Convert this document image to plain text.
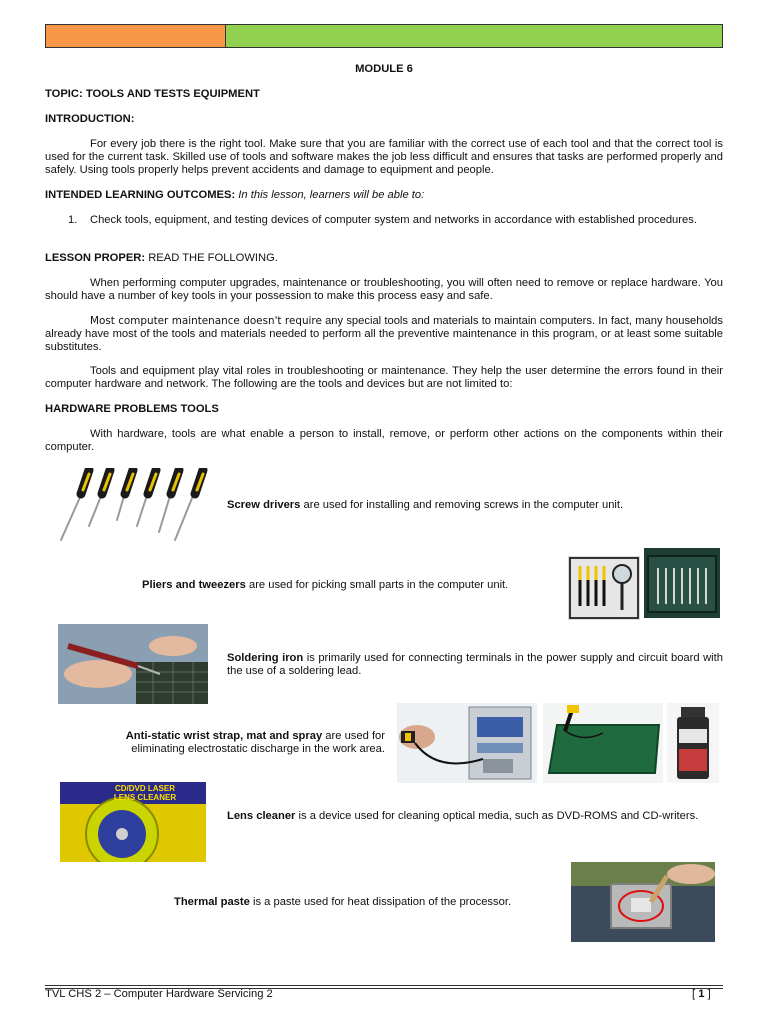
MODULE 6
TOPIC: TOOLS AND TESTS EQUIPMENT
INTRODUCTION:
For every job there is the right tool. Make sure that you are familiar with the correct use of each tool and that the correct tool is used for the current task. Skilled use of tools and software makes the job less difficult and ensures that tasks are performed properly and safely. Using tools properly helps prevent accidents and damage to equipment and people.
INTENDED LEARNING OUTCOMES: In this lesson, learners will be able to:
1. Check tools, equipment, and testing devices of computer system and networks in accordance with established procedures.
LESSON PROPER: READ THE FOLLOWING.
When performing computer upgrades, maintenance or troubleshooting, you will often need to remove or replace hardware. You should have a number of key tools in your possession to make this process easy and safe.
Most computer maintenance doesn't require any special tools and materials to maintain computers. In fact, many households already have most of the tools and materials needed to perform all the preventive maintenance in this program, or at least some suitable substitutes.
Tools and equipment play vital roles in troubleshooting or maintenance. They help the user determine the errors found in their computer hardware and network. The following are the tools and devices but are not limited to:
HARDWARE PROBLEMS TOOLS
With hardware, tools are what enable a person to install, remove, or perform other actions on the components within their computer.
Screw drivers are used for installing and removing screws in the computer unit.
Pliers and tweezers are used for picking small parts in the computer unit.
Soldering iron is primarily used for connecting terminals in the power supply and circuit board with the use of a soldering lead.
Anti-static wrist strap, mat and spray are used for eliminating electrostatic discharge in the work area.
CD/DVD LASER
LENS CLEANER
Lens cleaner is a device used for cleaning optical media, such as DVD-ROMS and CD-writers.
Thermal paste is a paste used for heat dissipation of the processor.
TVL CHS 2 – Computer Hardware Servicing 2	[ 1 ]
